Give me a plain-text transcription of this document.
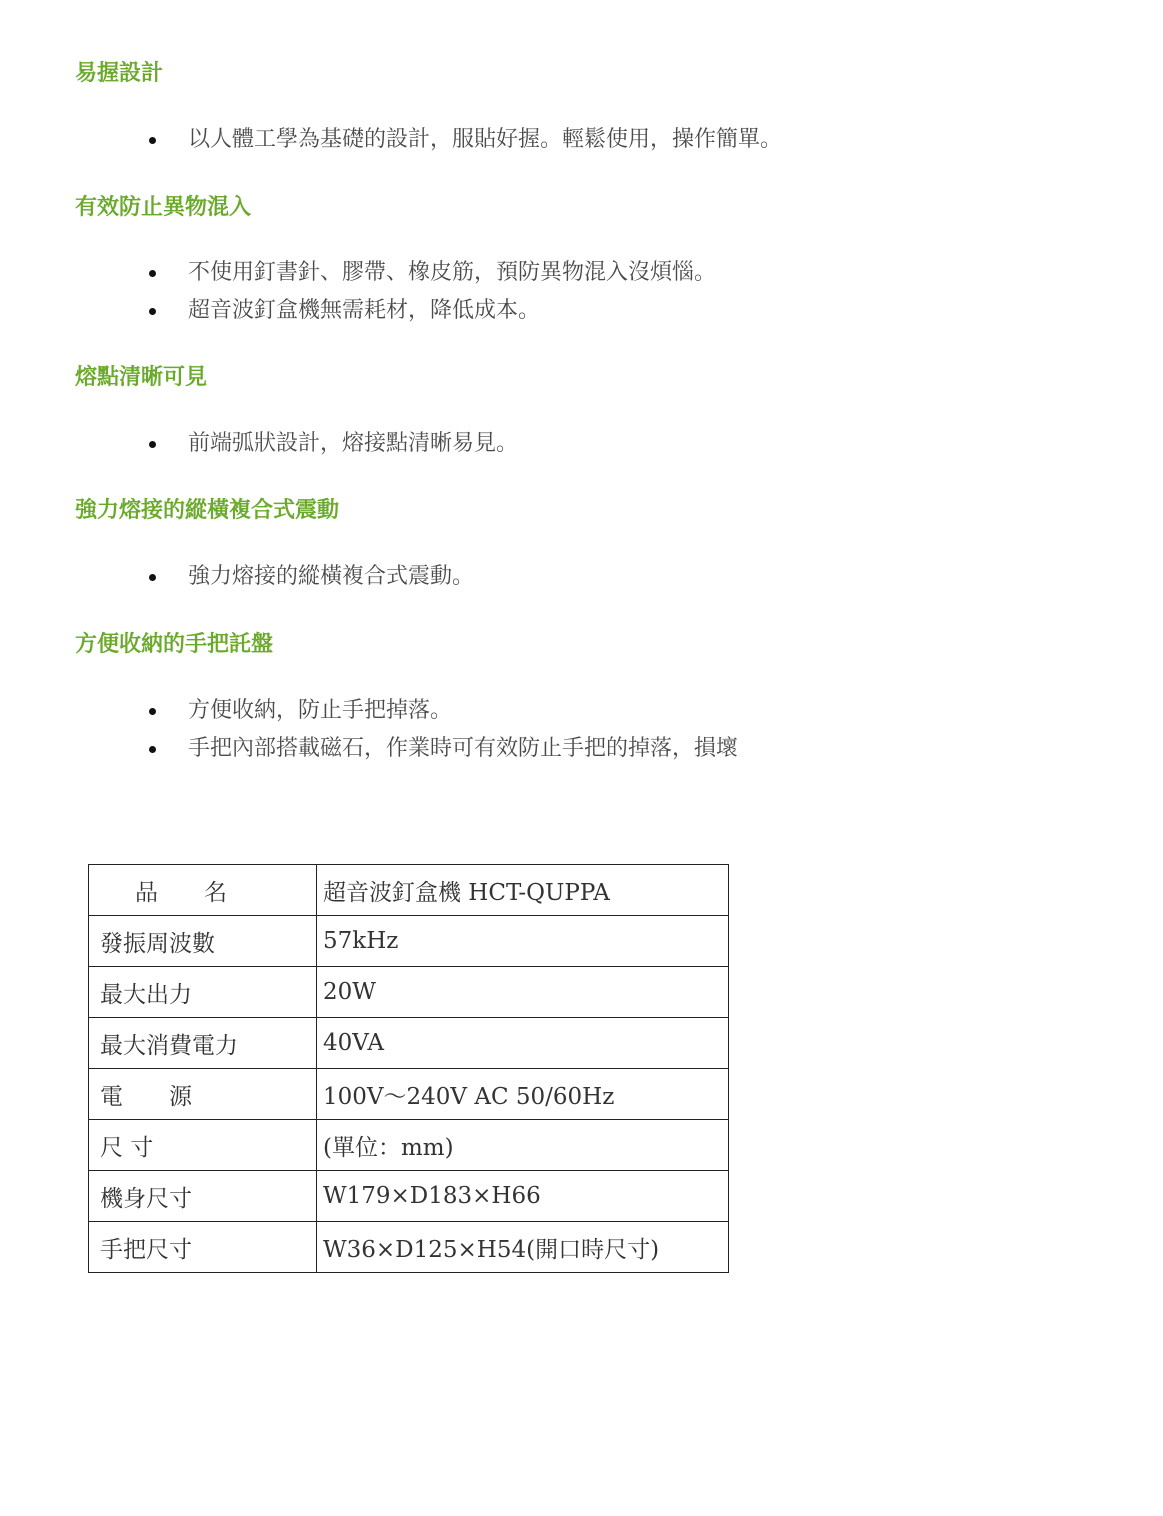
易握設計
以人體工學為基礎的設計，服貼好握。輕鬆使用，操作簡單。
有效防止異物混入
不使用釘書針、膠帶、橡皮筋，預防異物混入沒煩惱。
超音波釘盒機無需耗材，降低成本。
熔點清晰可見
前端弧狀設計，熔接點清晰易見。
強力熔接的縱橫複合式震動
強力熔接的縱橫複合式震動。
方便收納的手把託盤
方便收納，防止手把掉落。
手把內部搭載磁石，作業時可有效防止手把的掉落，損壞
品　　名	超音波釘盒機 HCT-QUPPA
發振周波數	57kHz
最大出力	20W
最大消費電力	40VA
電　　源	100V～240V AC 50/60Hz
尺 寸	(單位：mm)
機身尺寸	W179×D183×H66
手把尺寸	W36×D125×H54(開口時尺寸)
